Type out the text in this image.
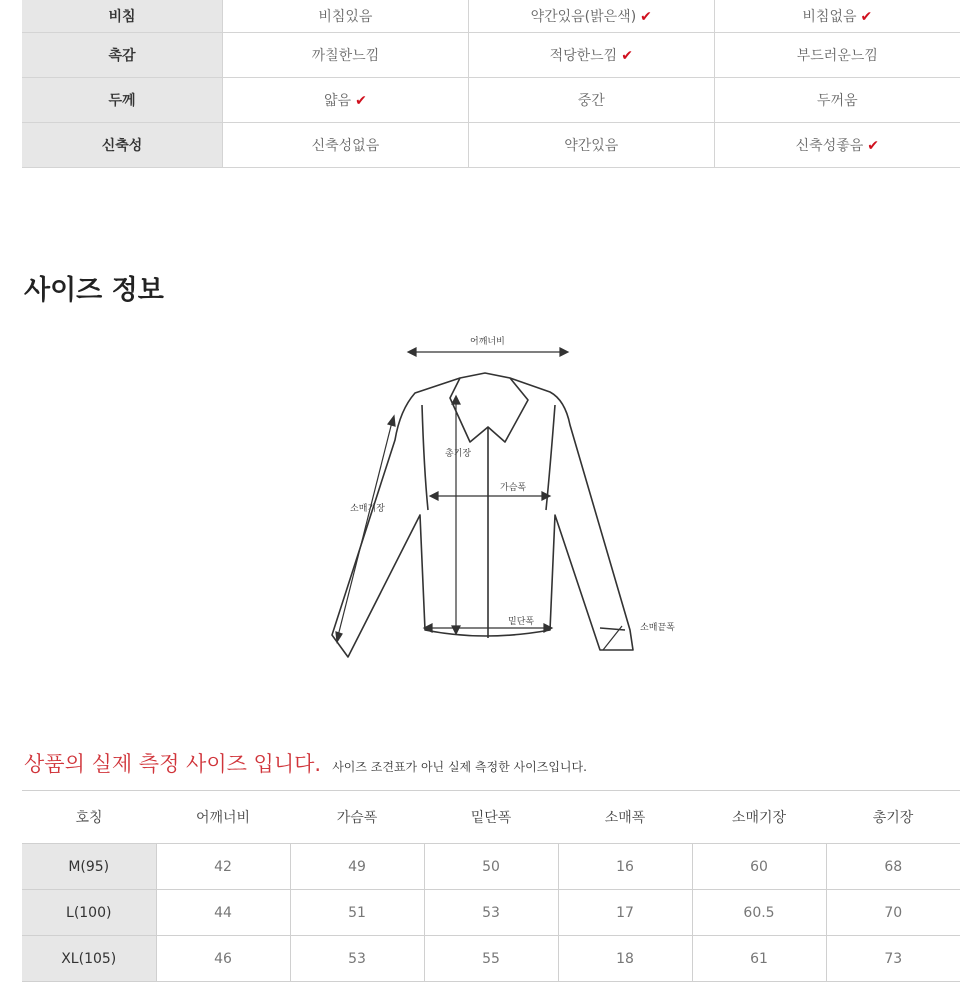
비침	비침있음	약간있음(밝은색) ✔	비침없음 ✔
촉감	까칠한느낌	적당한느낌 ✔	부드러운느낌
두께	얇음 ✔	중간	두꺼움
신축성	신축성없음	약간있음	신축성좋음 ✔
사이즈 정보
어깨너비
총기장
가슴폭
소매기장
밑단폭
소매끝폭
상품의 실제 측정 사이즈 입니다. 사이즈 조견표가 아닌 실제 측정한 사이즈입니다.
호칭	어깨너비	가슴폭	밑단폭	소매폭	소매기장	총기장
M(95)	42	49	50	16	60	68
L(100)	44	51	53	17	60.5	70
XL(105)	46	53	55	18	61	73
